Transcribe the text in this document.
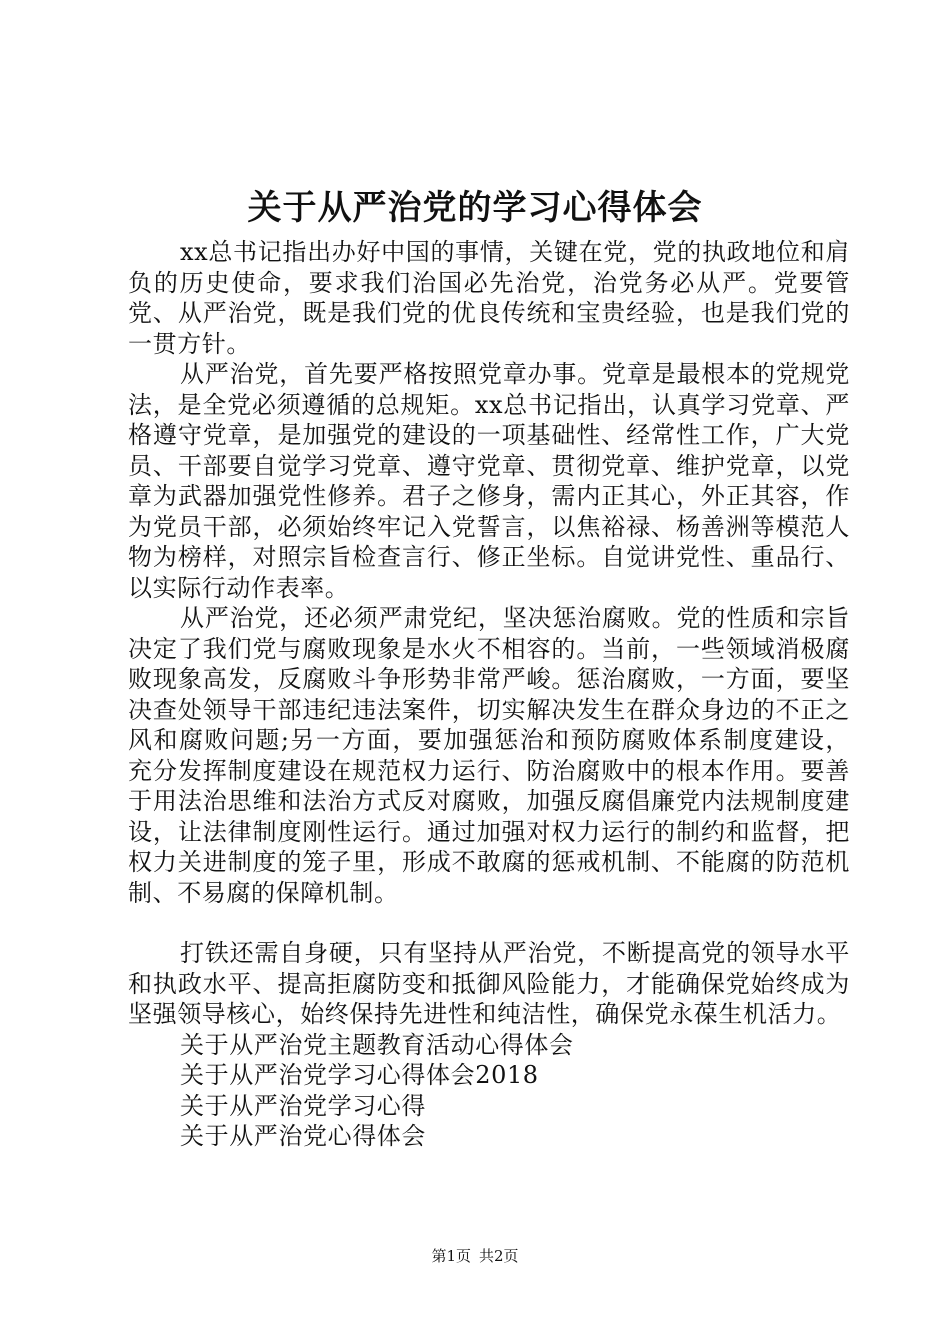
关于从严治党的学习心得体会

xx总书记指出办好中国的事情，关键在党，党的执政地位和肩负的历史使命，要求我们治国必先治党，治党务必从严。党要管党、从严治党，既是我们党的优良传统和宝贵经验，也是我们党的一贯方针。

从严治党，首先要严格按照党章办事。党章是最根本的党规党法，是全党必须遵循的总规矩。xx总书记指出，认真学习党章、严格遵守党章，是加强党的建设的一项基础性、经常性工作，广大党员、干部要自觉学习党章、遵守党章、贯彻党章、维护党章，以党章为武器加强党性修养。君子之修身，需内正其心，外正其容，作为党员干部，必须始终牢记入党誓言，以焦裕禄、杨善洲等模范人物为榜样，对照宗旨检查言行、修正坐标。自觉讲党性、重品行、以实际行动作表率。

从严治党，还必须严肃党纪，坚决惩治腐败。党的性质和宗旨决定了我们党与腐败现象是水火不相容的。当前，一些领域消极腐败现象高发，反腐败斗争形势非常严峻。惩治腐败，一方面，要坚决查处领导干部违纪违法案件，切实解决发生在群众身边的不正之风和腐败问题;另一方面，要加强惩治和预防腐败体系制度建设，充分发挥制度建设在规范权力运行、防治腐败中的根本作用。要善于用法治思维和法治方式反对腐败，加强反腐倡廉党内法规制度建设，让法律制度刚性运行。通过加强对权力运行的制约和监督，把权力关进制度的笼子里，形成不敢腐的惩戒机制、不能腐的防范机制、不易腐的保障机制。

打铁还需自身硬，只有坚持从严治党，不断提高党的领导水平和执政水平、提高拒腐防变和抵御风险能力，才能确保党始终成为坚强领导核心，始终保持先进性和纯洁性，确保党永葆生机活力。

关于从严治党主题教育活动心得体会
关于从严治党学习心得体会2018
关于从严治党学习心得
关于从严治党心得体会
第1页 共2页
